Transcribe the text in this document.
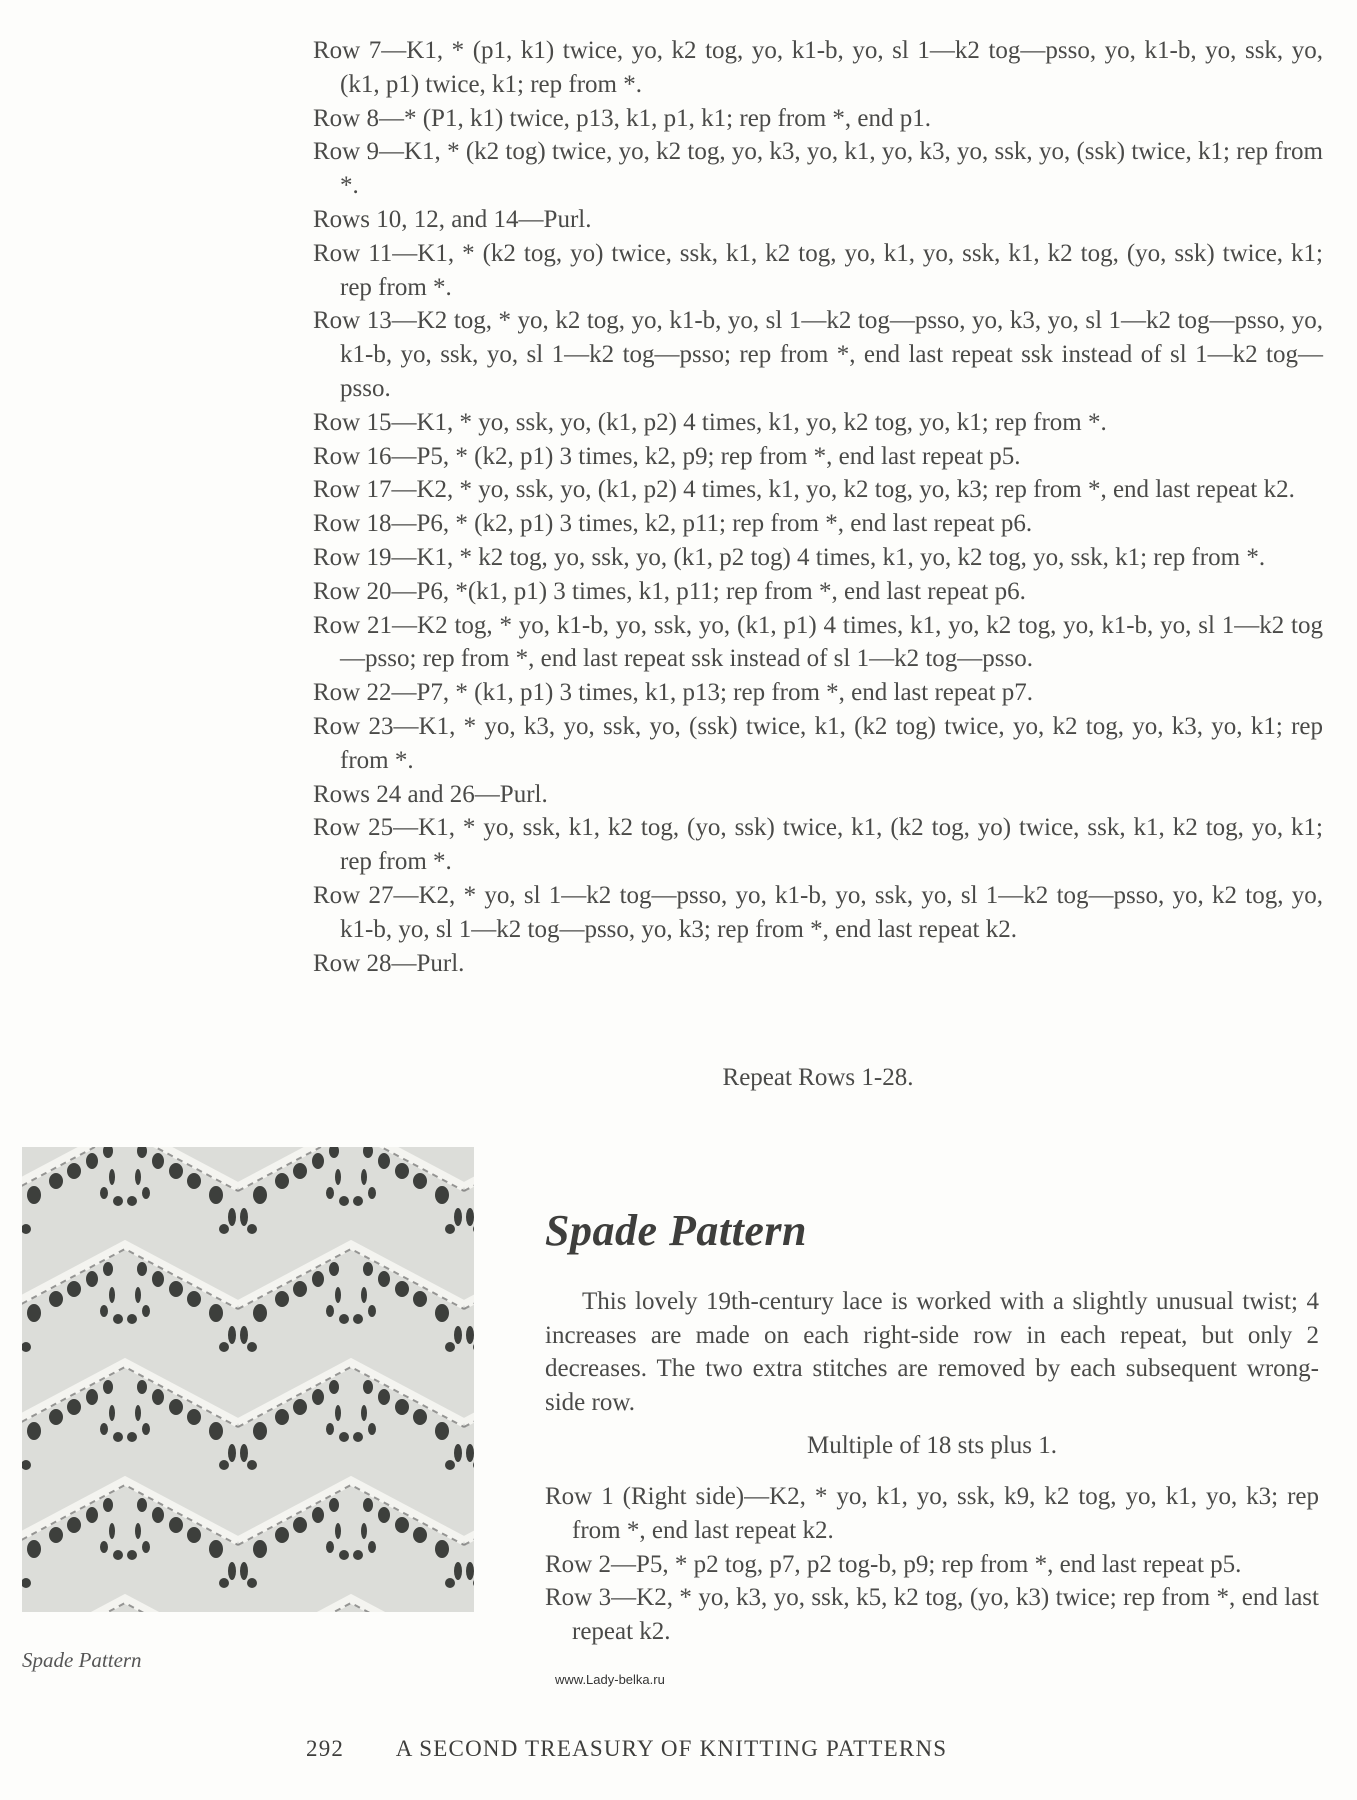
Row 7—K1, * (p1, k1) twice, yo, k2 tog, yo, k1-b, yo, sl 1—k2 tog—psso, yo, k1-b, yo, ssk, yo, (k1, p1) twice, k1; rep from *.
Row 8—* (P1, k1) twice, p13, k1, p1, k1; rep from *, end p1.
Row 9—K1, * (k2 tog) twice, yo, k2 tog, yo, k3, yo, k1, yo, k3, yo, ssk, yo, (ssk) twice, k1; rep from *.
Rows 10, 12, and 14—Purl.
Row 11—K1, * (k2 tog, yo) twice, ssk, k1, k2 tog, yo, k1, yo, ssk, k1, k2 tog, (yo, ssk) twice, k1; rep from *.
Row 13—K2 tog, * yo, k2 tog, yo, k1-b, yo, sl 1—k2 tog—psso, yo, k3, yo, sl 1—k2 tog—psso, yo, k1-b, yo, ssk, yo, sl 1—k2 tog—psso; rep from *, end last repeat ssk instead of sl 1—k2 tog—psso.
Row 15—K1, * yo, ssk, yo, (k1, p2) 4 times, k1, yo, k2 tog, yo, k1; rep from *.
Row 16—P5, * (k2, p1) 3 times, k2, p9; rep from *, end last repeat p5.
Row 17—K2, * yo, ssk, yo, (k1, p2) 4 times, k1, yo, k2 tog, yo, k3; rep from *, end last repeat k2.
Row 18—P6, * (k2, p1) 3 times, k2, p11; rep from *, end last repeat p6.
Row 19—K1, * k2 tog, yo, ssk, yo, (k1, p2 tog) 4 times, k1, yo, k2 tog, yo, ssk, k1; rep from *.
Row 20—P6, *(k1, p1) 3 times, k1, p11; rep from *, end last repeat p6.
Row 21—K2 tog, * yo, k1-b, yo, ssk, yo, (k1, p1) 4 times, k1, yo, k2 tog, yo, k1-b, yo, sl 1—k2 tog—psso; rep from *, end last repeat ssk instead of sl 1—k2 tog—psso.
Row 22—P7, * (k1, p1) 3 times, k1, p13; rep from *, end last repeat p7.
Row 23—K1, * yo, k3, yo, ssk, yo, (ssk) twice, k1, (k2 tog) twice, yo, k2 tog, yo, k3, yo, k1; rep from *.
Rows 24 and 26—Purl.
Row 25—K1, * yo, ssk, k1, k2 tog, (yo, ssk) twice, k1, (k2 tog, yo) twice, ssk, k1, k2 tog, yo, k1; rep from *.
Row 27—K2, * yo, sl 1—k2 tog—psso, yo, k1-b, yo, ssk, yo, sl 1—k2 tog—psso, yo, k2 tog, yo, k1-b, yo, sl 1—k2 tog—psso, yo, k3; rep from *, end last repeat k2.
Row 28—Purl.
Repeat Rows 1-28.
Spade Pattern
Spade Pattern
This lovely 19th-century lace is worked with a slightly unusual twist; 4 increases are made on each right-side row in each repeat, but only 2 decreases. The two extra stitches are removed by each subsequent wrong-side row.
Multiple of 18 sts plus 1.
Row 1 (Right side)—K2, * yo, k1, yo, ssk, k9, k2 tog, yo, k1, yo, k3; rep from *, end last repeat k2.
Row 2—P5, * p2 tog, p7, p2 tog-b, p9; rep from *, end last repeat p5.
Row 3—K2, * yo, k3, yo, ssk, k5, k2 tog, (yo, k3) twice; rep from *, end last repeat k2.
www.Lady-belka.ru
292 A SECOND TREASURY OF KNITTING PATTERNS
